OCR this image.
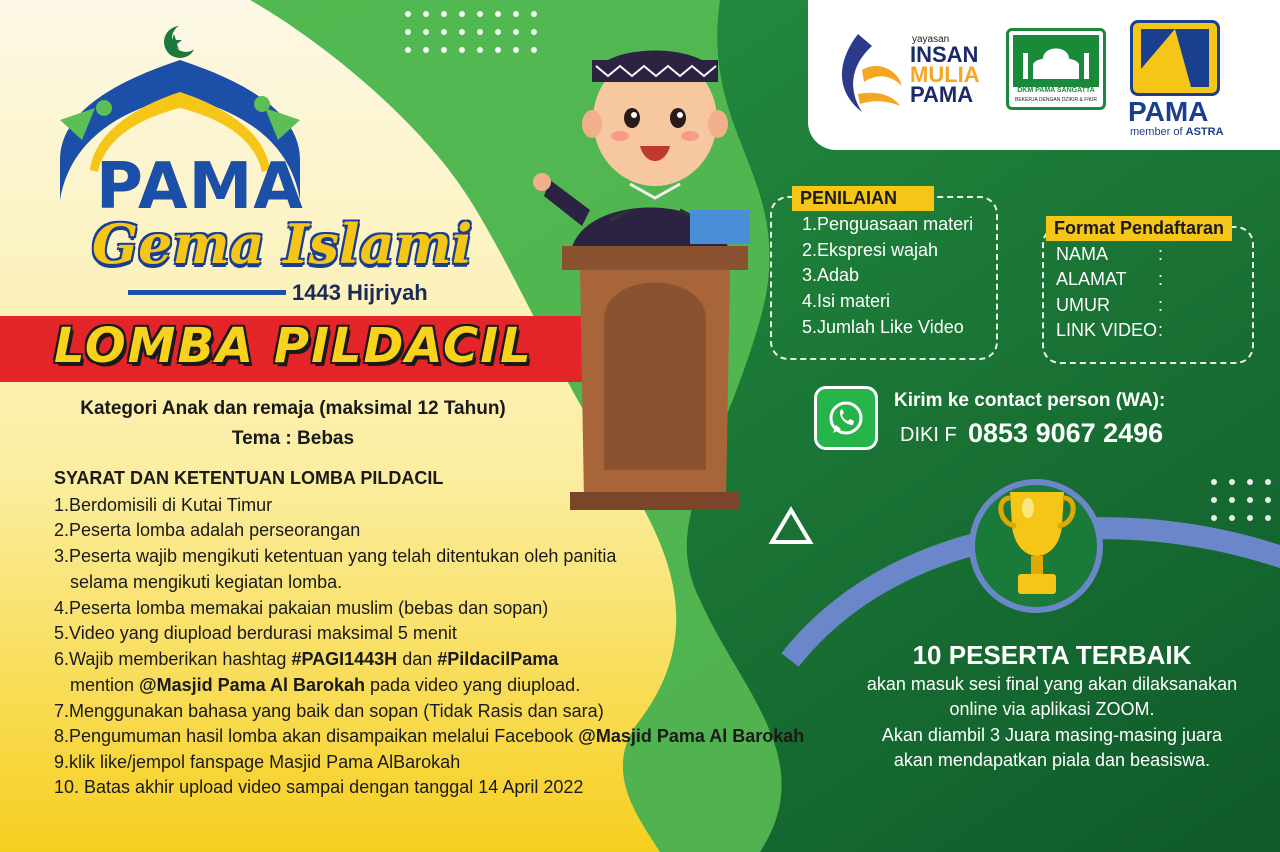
PAMA
Gema Islami
1443 Hijriyah
LOMBA PILDACIL
Kategori Anak dan remaja (maksimal 12 Tahun)
Tema : Bebas
SYARAT DAN KETENTUAN LOMBA PILDACIL
1.Berdomisili di Kutai Timur
2.Peserta lomba adalah perseorangan
3.Peserta wajib mengikuti ketentuan yang telah ditentukan oleh panitia
selama mengikuti kegiatan lomba.
4.Peserta lomba memakai pakaian muslim (bebas dan sopan)
5.Video yang diupload berdurasi maksimal 5 menit
6.Wajib memberikan hashtag #PAGI1443H dan #PildacilPama
mention @Masjid Pama Al Barokah pada video yang diupload.
7.Menggunakan bahasa yang baik dan sopan (Tidak Rasis dan sara)
8.Pengumuman hasil lomba akan disampaikan melalui Facebook @Masjid Pama Al Barokah
9.klik like/jempol fanspage Masjid Pama AlBarokah
10. Batas akhir upload video sampai dengan tanggal 14 April 2022
yayasan
INSAN
MULIA
PAMA	DKM PAMA SANGATTA
BEKERJA DENGAN DZIKIR & FIKIR PAMA
member of ASTRA
PENILAIAN
1.Penguasaan materi
2.Ekspresi wajah
3.Adab
4.Isi materi
5.Jumlah Like Video
Format Pendaftaran
NAMA
ALAMAT
UMUR
LINK VIDEO
:
:
:
:
Kirim ke contact person (WA):
DIKI F 0853 9067 2496
10 PESERTA TERBAIK
akan masuk sesi final yang akan dilaksanakan
online via aplikasi ZOOM.
Akan diambil 3 Juara masing-masing juara
akan mendapatkan piala dan beasiswa.
